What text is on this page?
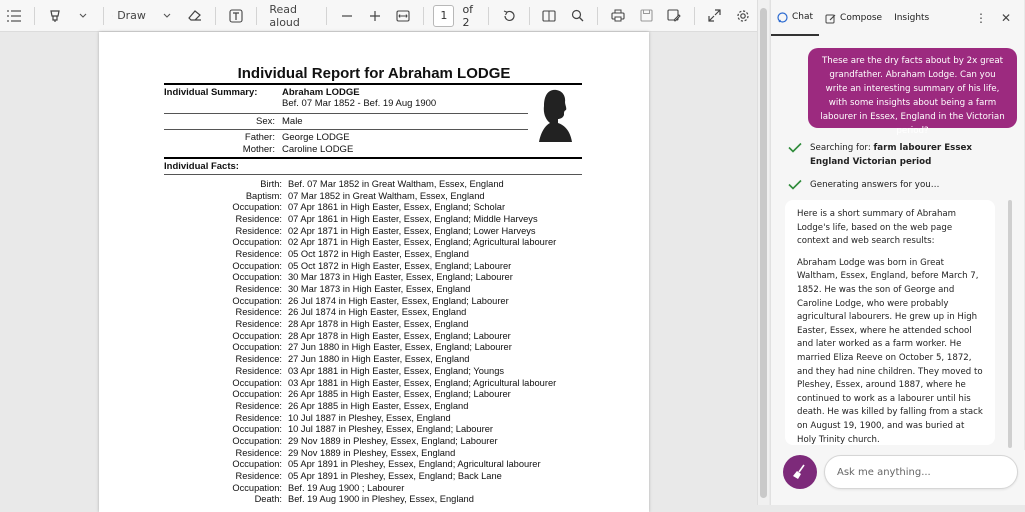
Draw	Read aloud	1	of 2
Individual Report for Abraham LODGE
Individual Summary:	Abraham LODGE
Bef. 07 Mar 1852 - Bef. 19 Aug 1900
Sex: Male
Father: George LODGE
Mother: Caroline LODGE
Individual Facts:
Birth: Bef. 07 Mar 1852 in Great Waltham, Essex, England
Baptism: 07 Mar 1852 in Great Waltham, Essex, England
Occupation: 07 Apr 1861 in High Easter, Essex, England; Scholar
Residence: 07 Apr 1861 in High Easter, Essex, England; Middle Harveys
Residence: 02 Apr 1871 in High Easter, Essex, England; Lower Harveys
Occupation: 02 Apr 1871 in High Easter, Essex, England; Agricultural labourer
Residence: 05 Oct 1872 in High Easter, Essex, England
Occupation: 05 Oct 1872 in High Easter, Essex, England; Labourer
Occupation: 30 Mar 1873 in High Easter, Essex, England; Labourer
Residence: 30 Mar 1873 in High Easter, Essex, England
Occupation: 26 Jul 1874 in High Easter, Essex, England; Labourer
Residence: 26 Jul 1874 in High Easter, Essex, England
Residence: 28 Apr 1878 in High Easter, Essex, England
Occupation: 28 Apr 1878 in High Easter, Essex, England; Labourer
Occupation: 27 Jun 1880 in High Easter, Essex, England; Labourer
Residence: 27 Jun 1880 in High Easter, Essex, England
Residence: 03 Apr 1881 in High Easter, Essex, England; Youngs
Occupation: 03 Apr 1881 in High Easter, Essex, England; Agricultural labourer
Occupation: 26 Apr 1885 in High Easter, Essex, England; Labourer
Residence: 26 Apr 1885 in High Easter, Essex, England
Residence: 10 Jul 1887 in Pleshey, Essex, England
Occupation: 10 Jul 1887 in Pleshey, Essex, England; Labourer
Occupation: 29 Nov 1889 in Pleshey, Essex, England; Labourer
Residence: 29 Nov 1889 in Pleshey, Essex, England
Occupation: 05 Apr 1891 in Pleshey, Essex, England; Agricultural labourer
Residence: 05 Apr 1891 in Pleshey, Essex, England; Back Lane
Occupation: Bef. 19 Aug 1900 ; Labourer
Death: Bef. 19 Aug 1900 in Pleshey, Essex, England
Chat	Compose Insights	⋮ ✕
These are the dry facts about by 2x great grandfather. Abraham Lodge. Can you write an interesting summary of his life, with some insights about being a farm labourer in Essex, England in the Victorian period?
Searching for: farm labourer Essex England Victorian period
Generating answers for you…

Here is a short summary of Abraham Lodge's life, based on the web page context and web search results:

Abraham Lodge was born in Great Waltham, Essex, England, before March 7, 1852. He was the son of George and Caroline Lodge, who were probably agricultural labourers. He grew up in High Easter, Essex, where he attended school and later worked as a farm worker. He married Eliza Reeve on October 5, 1872, and they had nine children. They moved to Pleshey, Essex, around 1887, where he continued to work as a labourer until his death. He was killed by falling from a stack on August 19, 1900, and was buried at Holy Trinity church.

Ask me anything...
